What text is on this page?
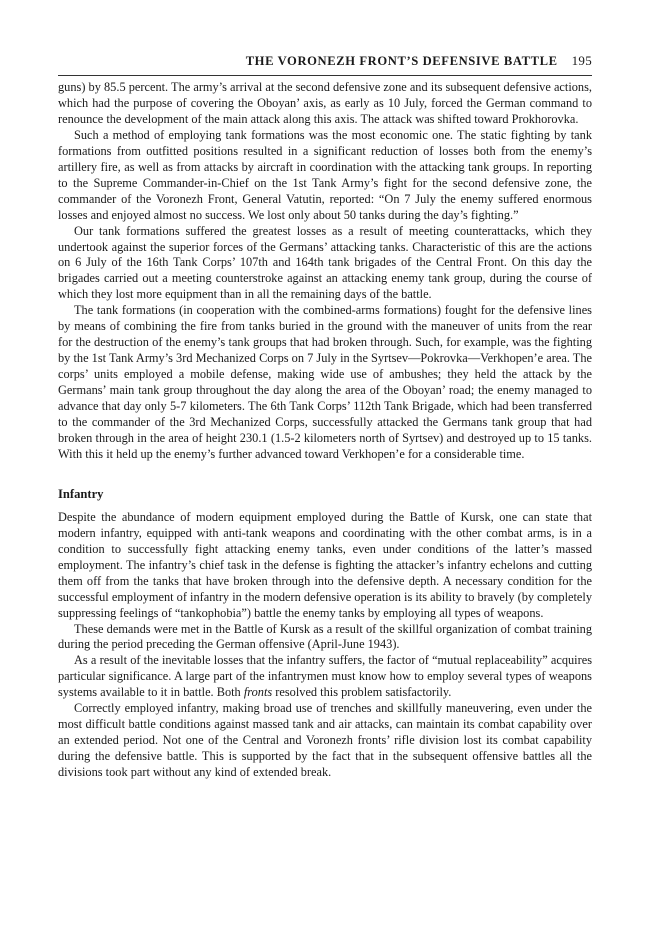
THE VORONEZH FRONT’S DEFENSIVE BATTLE 195

guns) by 85.5 percent. The army’s arrival at the second defensive zone and its subsequent defensive actions, which had the purpose of covering the Oboyan’ axis, as early as 10 July, forced the German command to renounce the development of the main attack along this axis. The attack was shifted toward Prokhorovka.

Such a method of employing tank formations was the most economic one. The static fighting by tank formations from outfitted positions resulted in a significant reduction of losses both from the enemy’s artillery fire, as well as from attacks by aircraft in coordination with the attacking tank groups. In reporting to the Supreme Commander-in-Chief on the 1st Tank Army’s fight for the second defensive zone, the commander of the Voronezh Front, General Vatutin, reported: “On 7 July the enemy suffered enormous losses and enjoyed almost no success. We lost only about 50 tanks during the day’s fighting.”

Our tank formations suffered the greatest losses as a result of meeting counterattacks, which they undertook against the superior forces of the Germans’ attacking tanks. Characteristic of this are the actions on 6 July of the 16th Tank Corps’ 107th and 164th tank brigades of the Central Front. On this day the brigades carried out a meeting counterstroke against an attacking enemy tank group, during the course of which they lost more equipment than in all the remaining days of the battle.

The tank formations (in cooperation with the combined-arms formations) fought for the defensive lines by means of combining the fire from tanks buried in the ground with the maneuver of units from the rear for the destruction of the enemy’s tank groups that had broken through. Such, for example, was the fighting by the 1st Tank Army’s 3rd Mechanized Corps on 7 July in the Syrtsev—Pokrovka—Verkhopen’e area. The corps’ units employed a mobile defense, making wide use of ambushes; they held the attack by the Germans’ main tank group throughout the day along the area of the Oboyan’ road; the enemy managed to advance that day only 5-7 kilometers. The 6th Tank Corps’ 112th Tank Brigade, which had been transferred to the commander of the 3rd Mechanized Corps, successfully attacked the Germans tank group that had broken through in the area of height 230.1 (1.5-2 kilometers north of Syrtsev) and destroyed up to 15 tanks. With this it held up the enemy’s further advanced toward Verkhopen’e for a considerable time.

Infantry

Despite the abundance of modern equipment employed during the Battle of Kursk, one can state that modern infantry, equipped with anti-tank weapons and coordinating with the other combat arms, is in a condition to successfully fight attacking enemy tanks, even under conditions of the latter’s massed employment. The infantry’s chief task in the defense is fighting the attacker’s infantry echelons and cutting them off from the tanks that have broken through into the defensive depth. A necessary condition for the successful employment of infantry in the modern defensive operation is its ability to bravely (by completely suppressing feelings of “tankophobia”) battle the enemy tanks by employing all types of weapons.

These demands were met in the Battle of Kursk as a result of the skillful organization of combat training during the period preceding the German offensive (April-June 1943).

As a result of the inevitable losses that the infantry suffers, the factor of “mutual replaceability” acquires particular significance. A large part of the infantrymen must know how to employ several types of weapons systems available to it in battle. Both fronts resolved this problem satisfactorily.

Correctly employed infantry, making broad use of trenches and skillfully maneuvering, even under the most difficult battle conditions against massed tank and air attacks, can maintain its combat capability over an extended period. Not one of the Central and Voronezh fronts’ rifle division lost its combat capability during the defensive battle. This is supported by the fact that in the subsequent offensive battles all the divisions took part without any kind of extended break.
